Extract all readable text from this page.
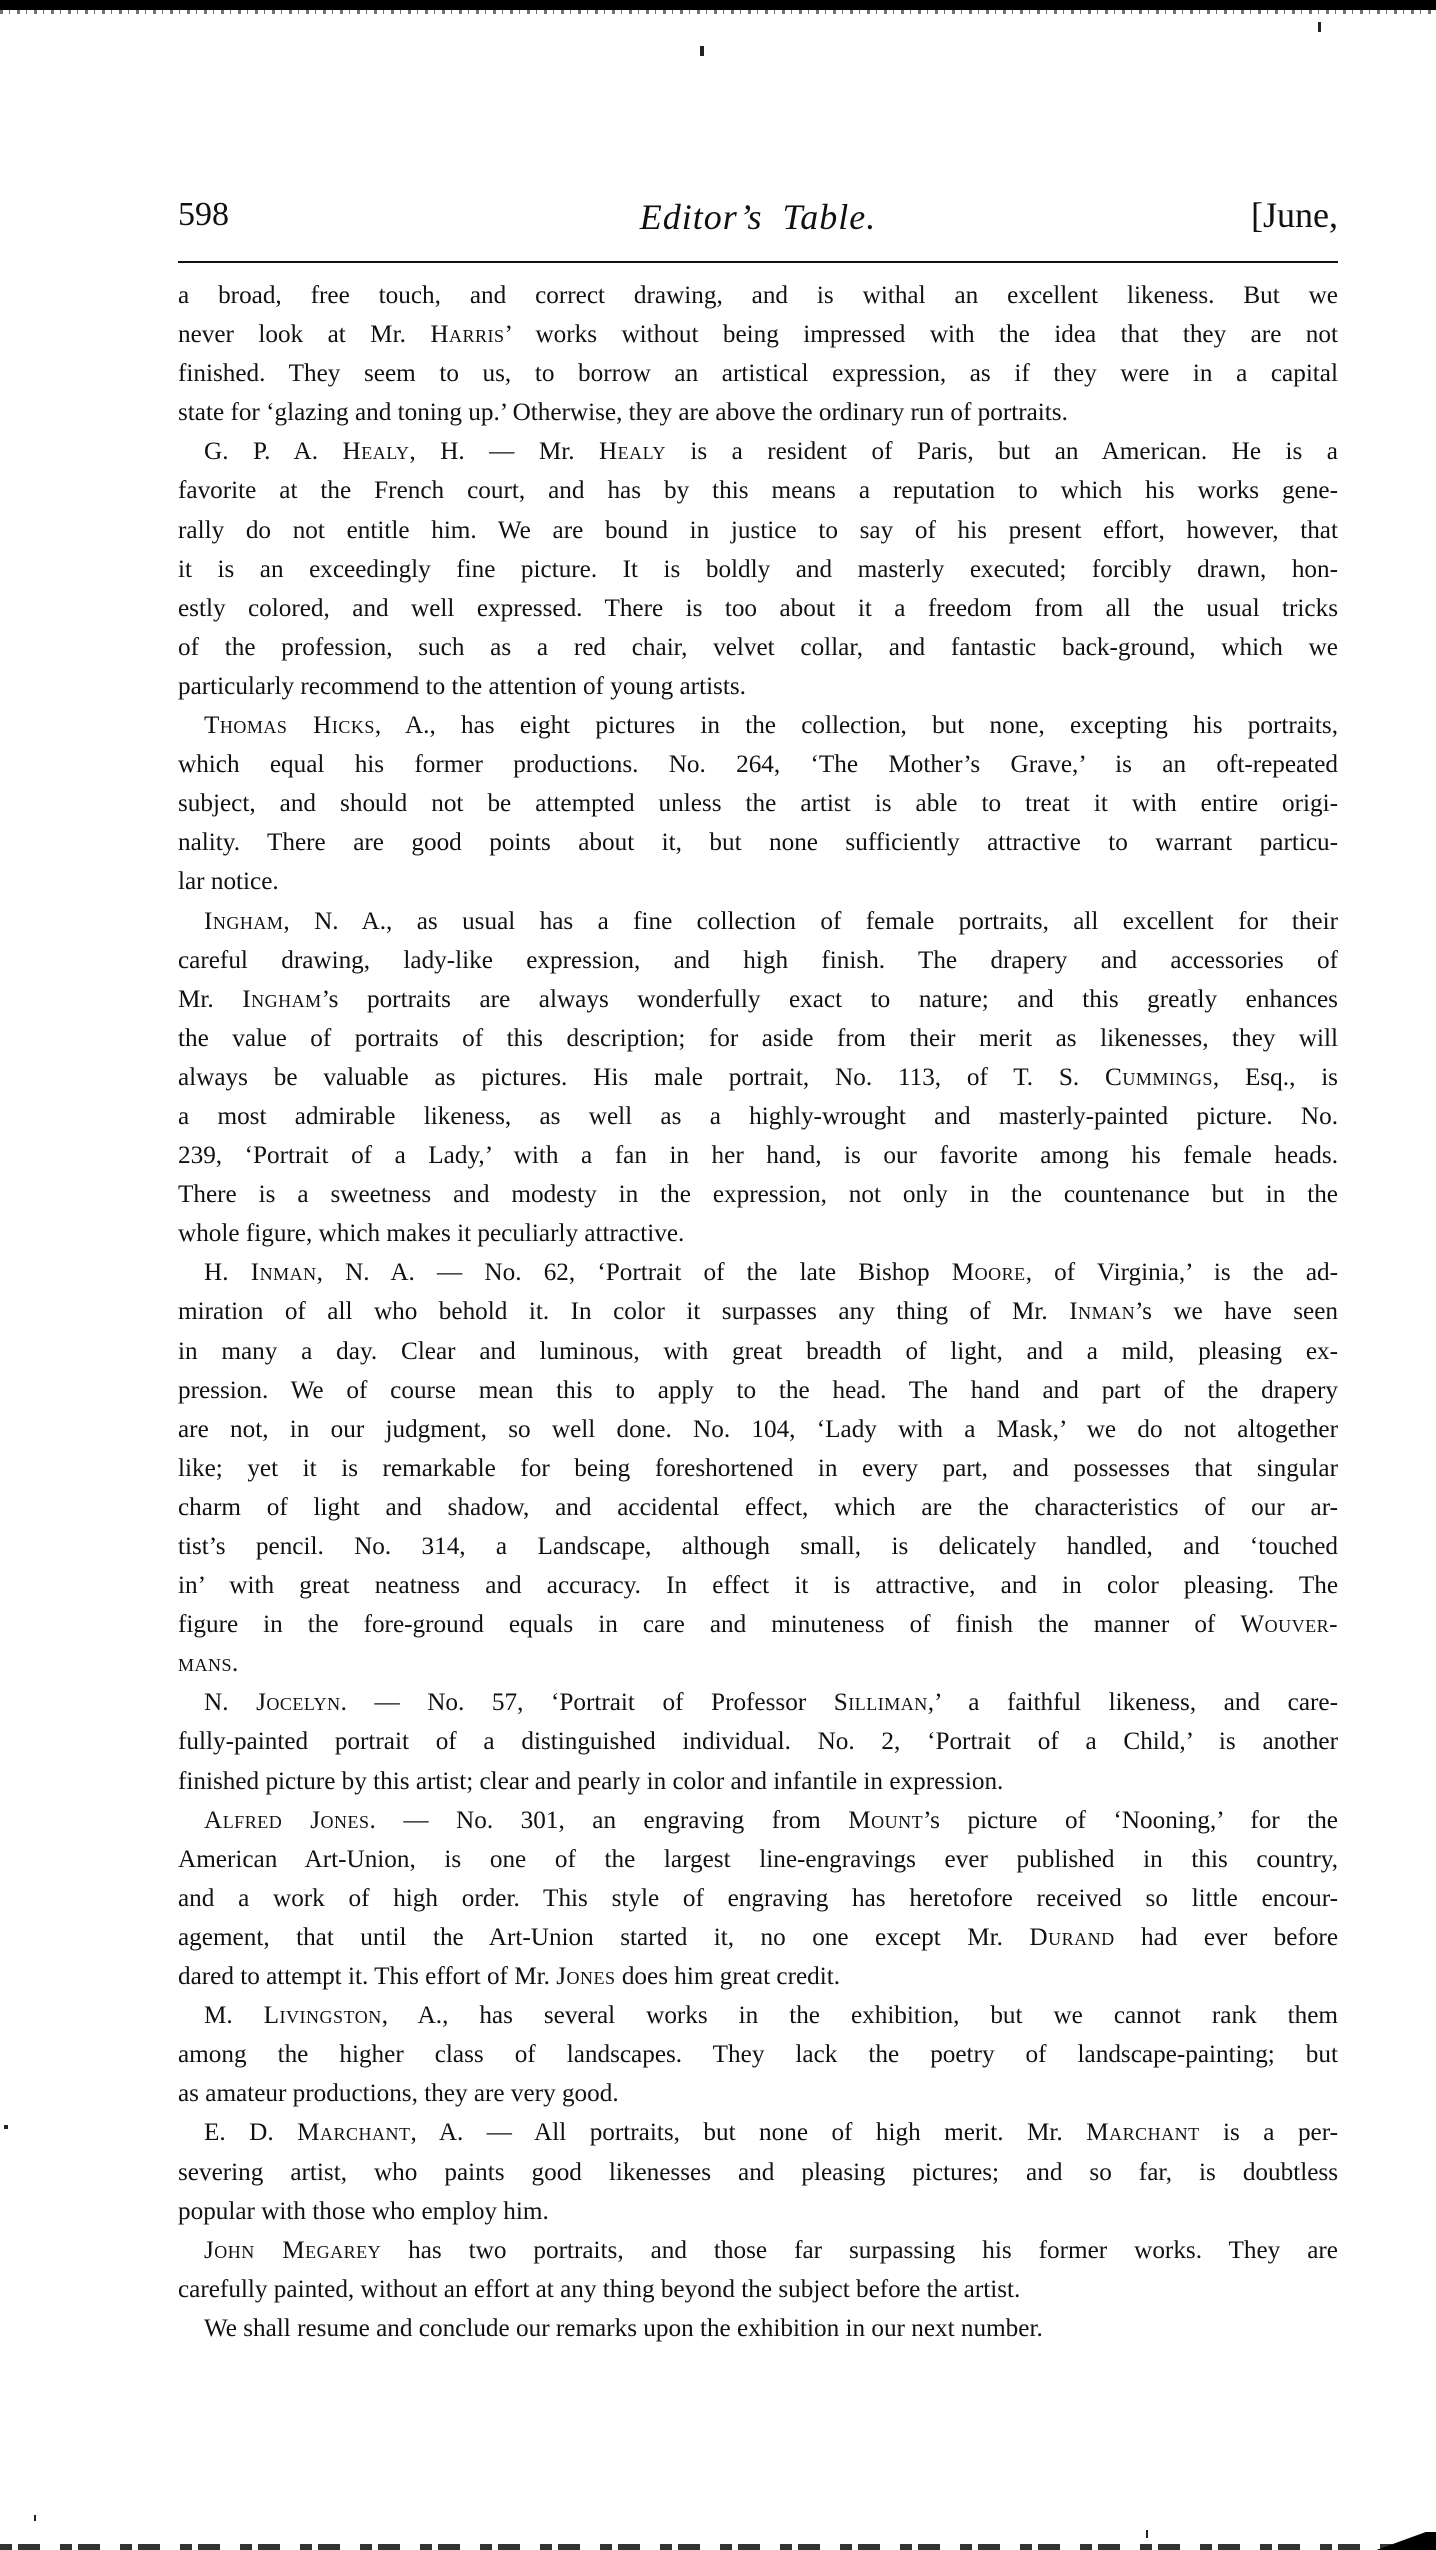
598	Editor’s Table.	[June,
a broad, free touch, and correct drawing, and is withal an excellent likeness. But we
never look at Mr. Harris’ works without being impressed with the idea that they are not
finished. They seem to us, to borrow an artistical expression, as if they were in a capital
state for ‘glazing and toning up.’ Otherwise, they are above the ordinary run of portraits.
G. P. A. Healy, H. — Mr. Healy is a resident of Paris, but an American. He is a
favorite at the French court, and has by this means a reputation to which his works gene-
rally do not entitle him. We are bound in justice to say of his present effort, however, that
it is an exceedingly fine picture. It is boldly and masterly executed; forcibly drawn, hon-
estly colored, and well expressed. There is too about it a freedom from all the usual tricks
of the profession, such as a red chair, velvet collar, and fantastic back-ground, which we
particularly recommend to the attention of young artists.
Thomas Hicks, A., has eight pictures in the collection, but none, excepting his portraits,
which equal his former productions. No. 264, ‘The Mother’s Grave,’ is an oft-repeated
subject, and should not be attempted unless the artist is able to treat it with entire origi-
nality. There are good points about it, but none sufficiently attractive to warrant particu-
lar notice.
Ingham, N. A., as usual has a fine collection of female portraits, all excellent for their
careful drawing, lady-like expression, and high finish. The drapery and accessories of
Mr. Ingham’s portraits are always wonderfully exact to nature; and this greatly enhances
the value of portraits of this description; for aside from their merit as likenesses, they will
always be valuable as pictures. His male portrait, No. 113, of T. S. Cummings, Esq., is
a most admirable likeness, as well as a highly-wrought and masterly-painted picture. No.
239, ‘Portrait of a Lady,’ with a fan in her hand, is our favorite among his female heads.
There is a sweetness and modesty in the expression, not only in the countenance but in the
whole figure, which makes it peculiarly attractive.
H. Inman, N. A. — No. 62, ‘Portrait of the late Bishop Moore, of Virginia,’ is the ad-
miration of all who behold it. In color it surpasses any thing of Mr. Inman’s we have seen
in many a day. Clear and luminous, with great breadth of light, and a mild, pleasing ex-
pression. We of course mean this to apply to the head. The hand and part of the drapery
are not, in our judgment, so well done. No. 104, ‘Lady with a Mask,’ we do not altogether
like; yet it is remarkable for being foreshortened in every part, and possesses that singular
charm of light and shadow, and accidental effect, which are the characteristics of our ar-
tist’s pencil. No. 314, a Landscape, although small, is delicately handled, and ‘touched
in’ with great neatness and accuracy. In effect it is attractive, and in color pleasing. The
figure in the fore-ground equals in care and minuteness of finish the manner of Wouver-
mans.
N. Jocelyn. — No. 57, ‘Portrait of Professor Silliman,’ a faithful likeness, and care-
fully-painted portrait of a distinguished individual. No. 2, ‘Portrait of a Child,’ is another
finished picture by this artist; clear and pearly in color and infantile in expression.
Alfred Jones. — No. 301, an engraving from Mount’s picture of ‘Nooning,’ for the
American Art-Union, is one of the largest line-engravings ever published in this country,
and a work of high order. This style of engraving has heretofore received so little encour-
agement, that until the Art-Union started it, no one except Mr. Durand had ever before
dared to attempt it. This effort of Mr. Jones does him great credit.
M. Livingston, A., has several works in the exhibition, but we cannot rank them
among the higher class of landscapes. They lack the poetry of landscape-painting; but
as amateur productions, they are very good.
E. D. Marchant, A. — All portraits, but none of high merit. Mr. Marchant is a per-
severing artist, who paints good likenesses and pleasing pictures; and so far, is doubtless
popular with those who employ him.
John Megarey has two portraits, and those far surpassing his former works. They are
carefully painted, without an effort at any thing beyond the subject before the artist.
We shall resume and conclude our remarks upon the exhibition in our next number.
